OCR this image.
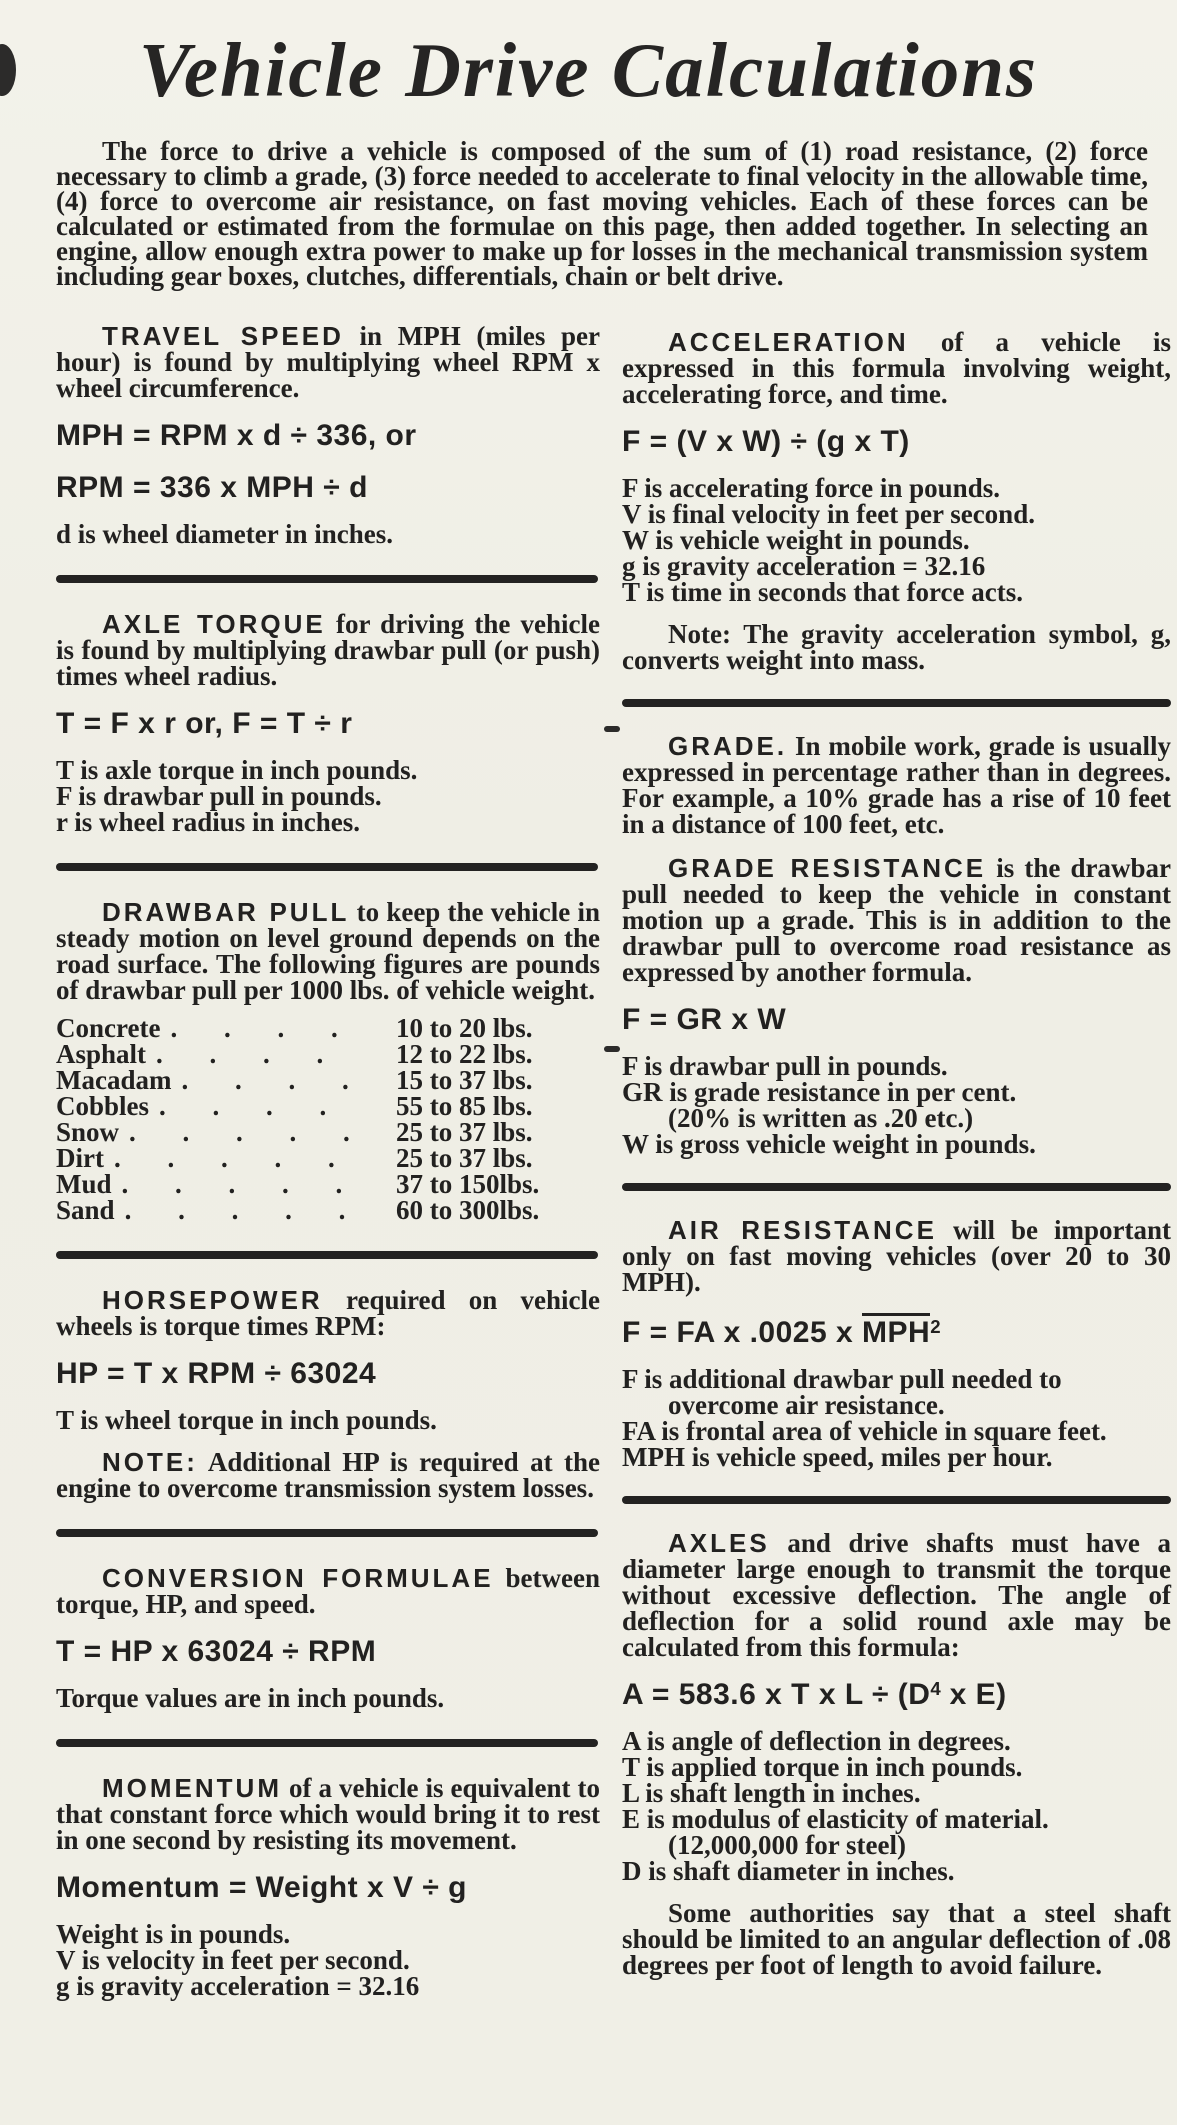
Vehicle Drive Calculations

The force to drive a vehicle is composed of the sum of (1) road resistance, (2) force necessary to climb a grade, (3) force needed to accelerate to final velocity in the allowable time, (4) force to overcome air resistance, on fast moving vehicles. Each of these forces can be calculated or estimated from the formulae on this page, then added together. In selecting an engine, allow enough extra power to make up for losses in the mechanical transmission system including gear boxes, clutches, differentials, chain or belt drive.

TRAVEL SPEED in MPH (miles per hour) is found by multiplying wheel RPM x wheel circumference.

MPH = RPM x d ÷ 336, or

RPM = 336 x MPH ÷ d

d is wheel diameter in inches.

AXLE TORQUE for driving the vehicle is found by multiplying drawbar pull (or push) times wheel radius.

T = F x r or, F = T ÷ r

T is axle torque in inch pounds.

F is drawbar pull in pounds.

r is wheel radius in inches.

DRAWBAR PULL to keep the vehicle in steady motion on level ground depends on the road surface. The following figures are pounds of drawbar pull per 1000 lbs. of vehicle weight.

Concrete . . . .	10 to 20 lbs.
Asphalt . . . .	12 to 22 lbs.
Macadam . . . .	15 to 37 lbs.
Cobbles . . . .	55 to 85 lbs.
Snow . . . . .	25 to 37 lbs.
Dirt . . . . .	25 to 37 lbs.
Mud . . . . .	37 to 150lbs.
Sand . . . . .	60 to 300lbs.

HORSEPOWER required on vehicle wheels is torque times RPM:

HP = T x RPM ÷ 63024

T is wheel torque in inch pounds.

NOTE: Additional HP is required at the engine to overcome transmission system losses.

CONVERSION FORMULAE between torque, HP, and speed.

T = HP x 63024 ÷ RPM

Torque values are in inch pounds.

MOMENTUM of a vehicle is equivalent to that constant force which would bring it to rest in one second by resisting its movement.

Momentum = Weight x V ÷ g

Weight is in pounds.

V is velocity in feet per second.

g is gravity acceleration = 32.16

ACCELERATION of a vehicle is expressed in this formula involving weight, accelerating force, and time.

F = (V x W) ÷ (g x T)

F is accelerating force in pounds.

V is final velocity in feet per second.

W is vehicle weight in pounds.

g is gravity acceleration = 32.16

T is time in seconds that force acts.

Note: The gravity acceleration symbol, g, converts weight into mass.

GRADE. In mobile work, grade is usually expressed in percentage rather than in degrees. For example, a 10% grade has a rise of 10 feet in a distance of 100 feet, etc.

GRADE RESISTANCE is the drawbar pull needed to keep the vehicle in constant motion up a grade. This is in addition to the drawbar pull to overcome road resistance as expressed by another formula.

F = GR x W

F is drawbar pull in pounds.

GR is grade resistance in per cent.

(20% is written as .20 etc.)

W is gross vehicle weight in pounds.

AIR RESISTANCE will be important only on fast moving vehicles (over 20 to 30 MPH).

F = FA x .0025 x MPH$^2$

F is additional drawbar pull needed to overcome air resistance.

FA is frontal area of vehicle in square feet.

MPH is vehicle speed, miles per hour.

AXLES and drive shafts must have a diameter large enough to transmit the torque without excessive deflection. The angle of deflection for a solid round axle may be calculated from this formula:

A = 583.6 x T x $L \div (D^4$ x E)

A is angle of deflection in degrees.

T is applied torque in inch pounds.

L is shaft length in inches.

E is modulus of elasticity of material.

(12,000,000 for steel)

D is shaft diameter in inches.

Some authorities say that a steel shaft should be limited to an angular deflection of .08 degrees per foot of length to avoid failure.
